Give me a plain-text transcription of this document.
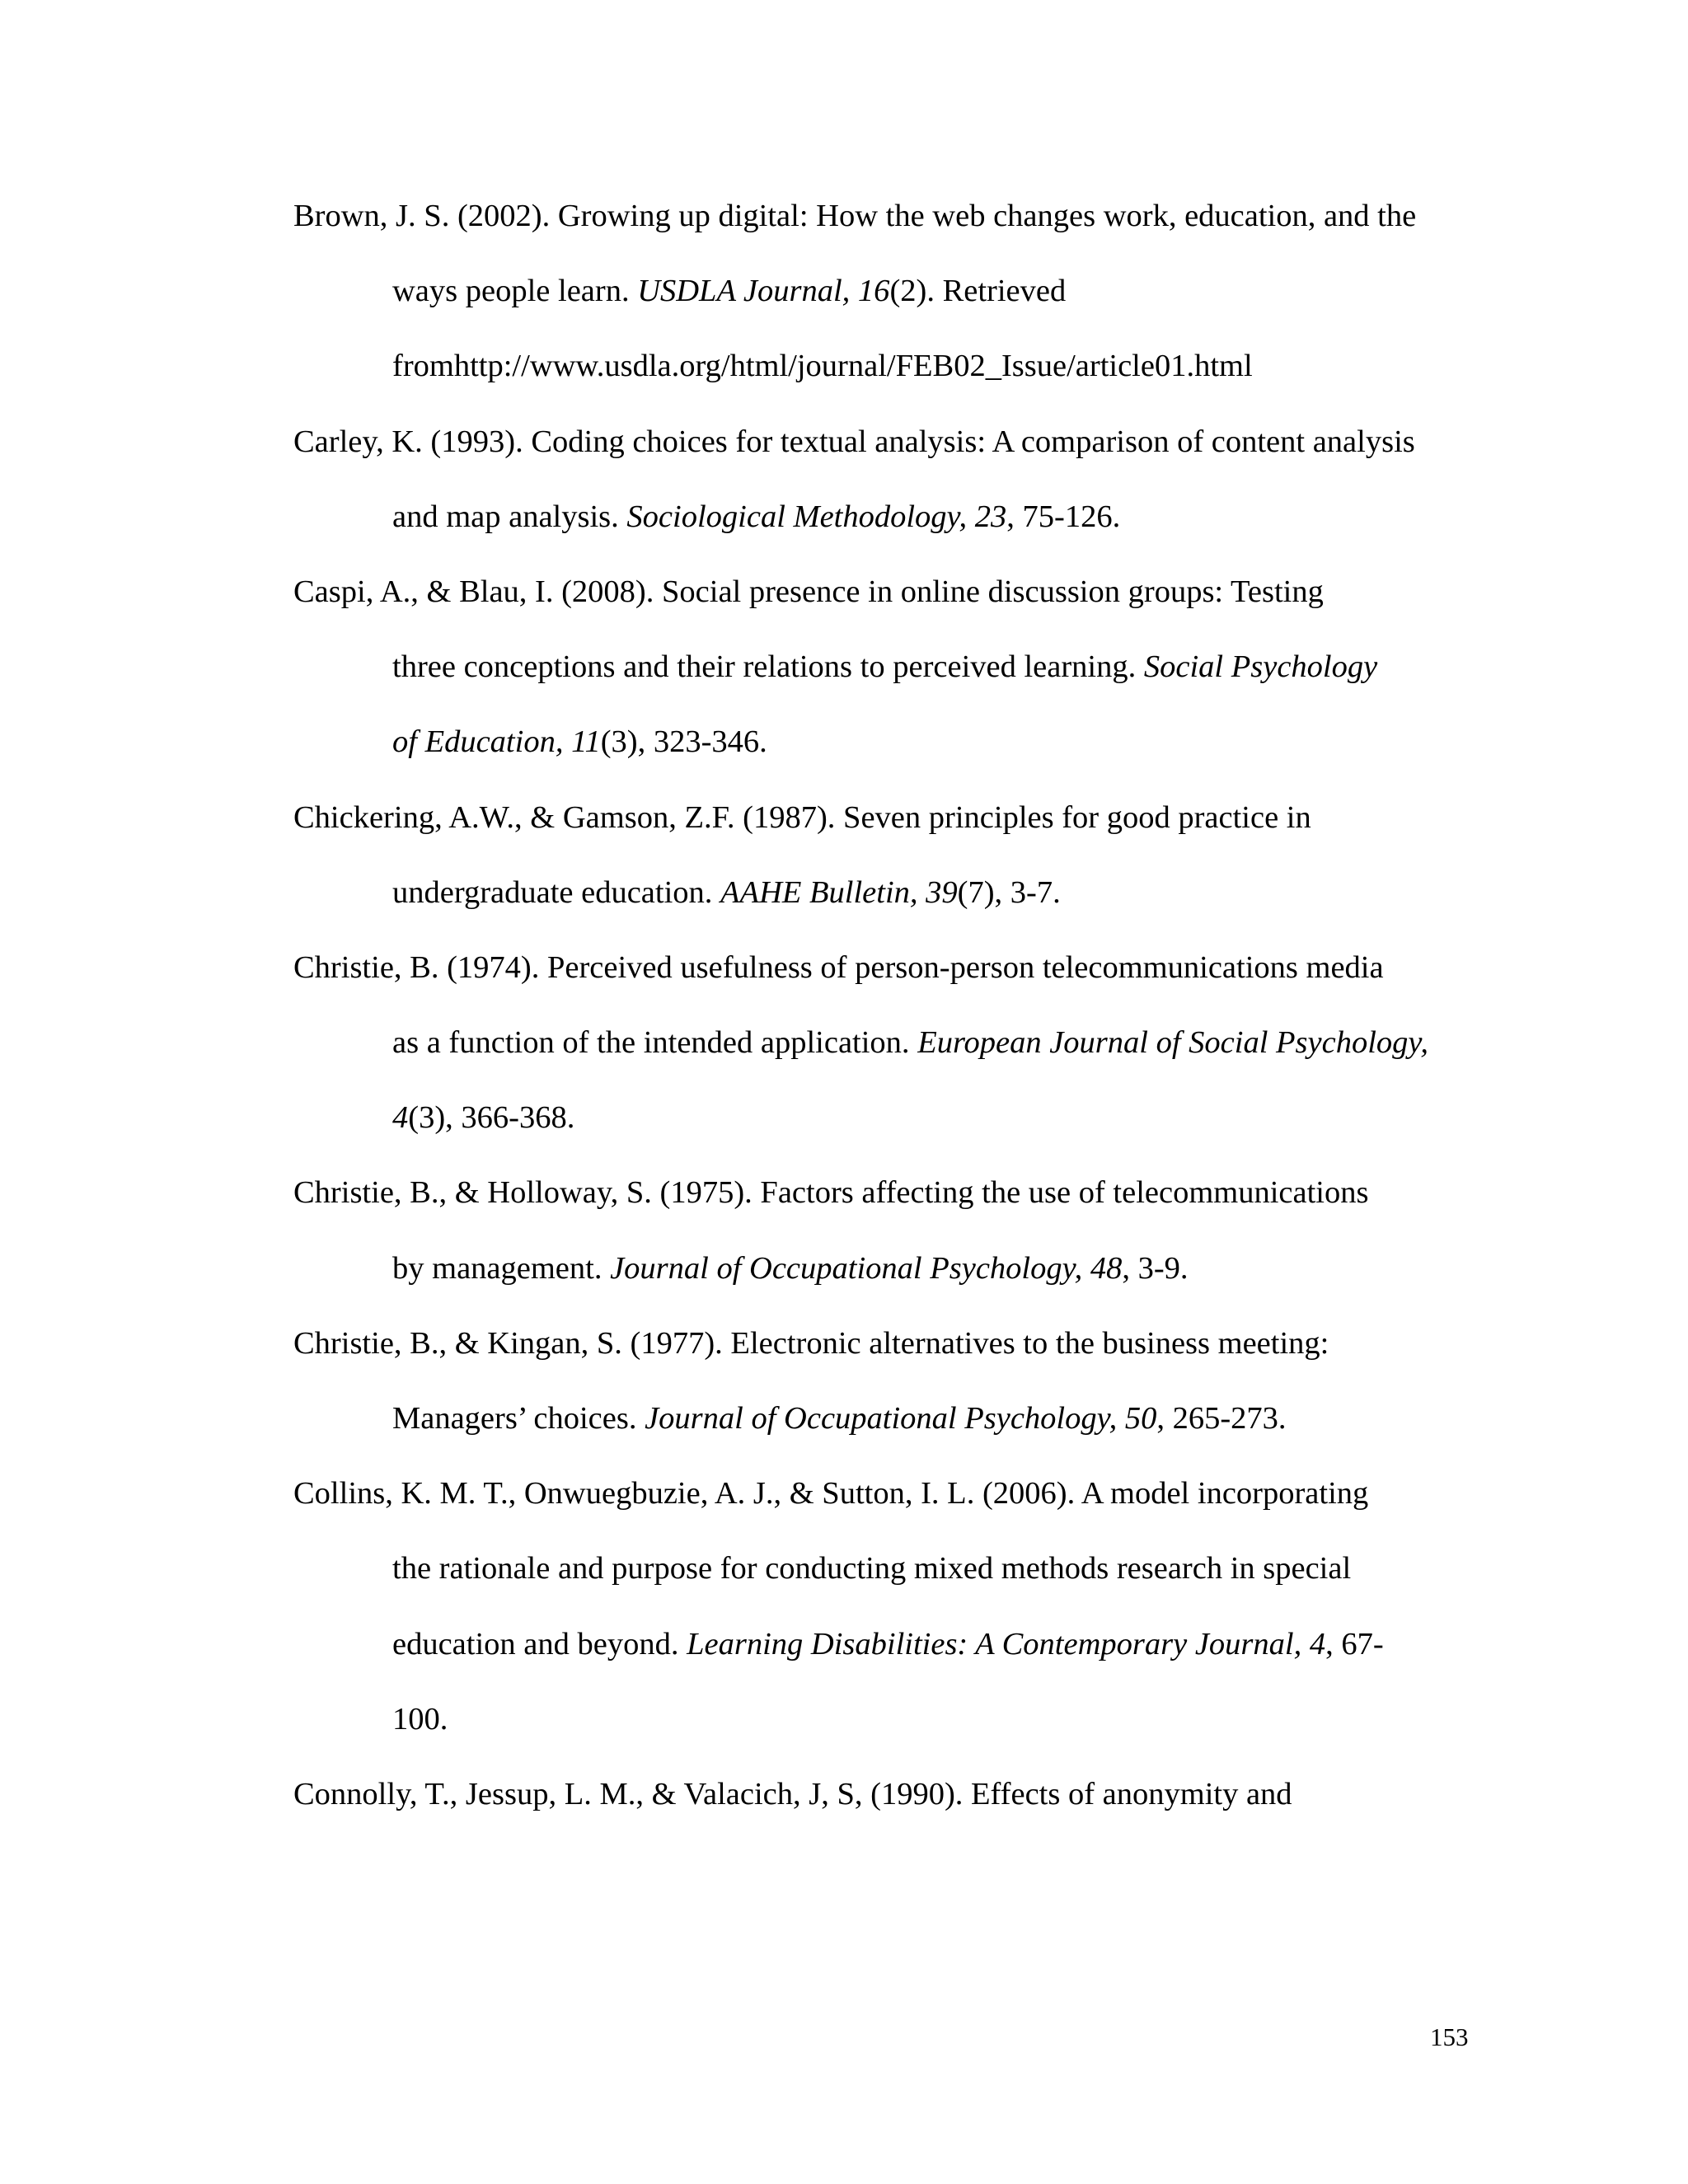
Brown, J. S. (2002). Growing up digital: How the web changes work, education, and the
ways people learn. USDLA Journal, 16(2). Retrieved
fromhttp://www.usdla.org/html/journal/FEB02_Issue/article01.html
Carley, K. (1993). Coding choices for textual analysis: A comparison of content analysis
and map analysis. Sociological Methodology, 23, 75-126.
Caspi, A., & Blau, I. (2008). Social presence in online discussion groups: Testing
three conceptions and their relations to perceived learning. Social Psychology
of Education, 11(3), 323-346.
Chickering, A.W., & Gamson, Z.F. (1987). Seven principles for good practice in
undergraduate education. AAHE Bulletin, 39(7), 3-7.
Christie, B. (1974). Perceived usefulness of person-person telecommunications media
as a function of the intended application. European Journal of Social Psychology,
4(3), 366-368.
Christie, B., & Holloway, S. (1975). Factors affecting the use of telecommunications
by management. Journal of Occupational Psychology, 48, 3-9.
Christie, B., & Kingan, S. (1977). Electronic alternatives to the business meeting:
Managers’ choices. Journal of Occupational Psychology, 50, 265-273.
Collins, K. M. T., Onwuegbuzie, A. J., & Sutton, I. L. (2006). A model incorporating
the rationale and purpose for conducting mixed methods research in special
education and beyond. Learning Disabilities: A Contemporary Journal, 4, 67-
100.
Connolly, T., Jessup, L. M., & Valacich, J, S, (1990). Effects of anonymity and
153
